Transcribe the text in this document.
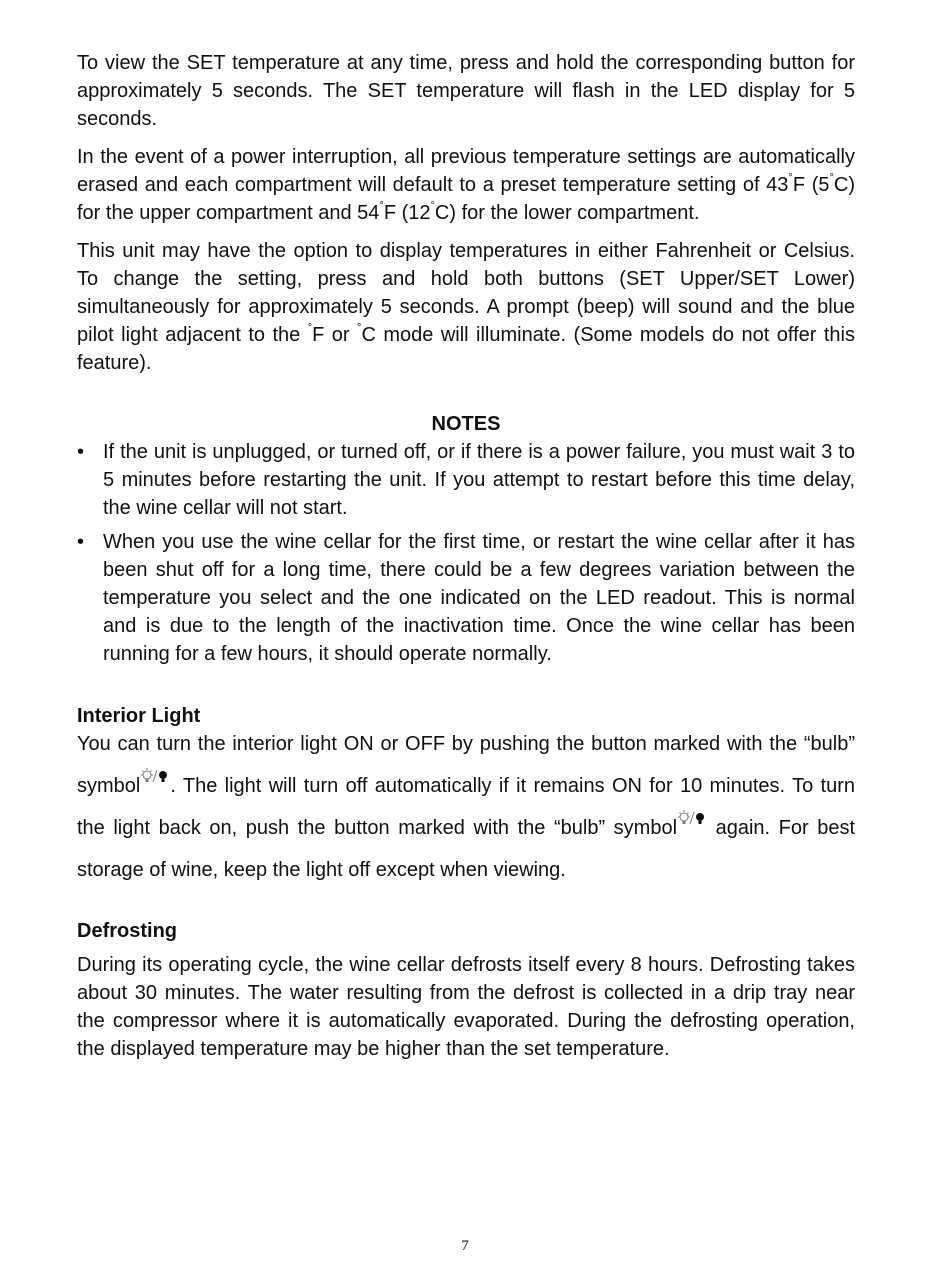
To view the SET temperature at any time, press and hold the corresponding button for approximately 5 seconds. The SET temperature will flash in the LED display for 5 seconds.

In the event of a power interruption, all previous temperature settings are automatically erased and each compartment will default to a preset temperature setting of 43°F (5°C) for the upper compartment and 54°F (12°C) for the lower compartment.

This unit may have the option to display temperatures in either Fahrenheit or Celsius. To change the setting, press and hold both buttons (SET Upper/SET Lower) simultaneously for approximately 5 seconds. A prompt (beep) will sound and the blue pilot light adjacent to the °F or °C mode will illuminate. (Some models do not offer this feature).

NOTES

• If the unit is unplugged, or turned off, or if there is a power failure, you must wait 3 to 5 minutes before restarting the unit. If you attempt to restart before this time delay, the wine cellar will not start.
• When you use the wine cellar for the first time, or restart the wine cellar after it has been shut off for a long time, there could be a few degrees variation between the temperature you select and the one indicated on the LED readout. This is normal and is due to the length of the inactivation time. Once the wine cellar has been running for a few hours, it should operate normally.

Interior Light

You can turn the interior light ON or OFF by pushing the button marked with the “bulb” symbol . The light will turn off automatically if it remains ON for 10 minutes. To turn the light back on, push the button marked with the “bulb” symbol again. For best storage of wine, keep the light off except when viewing.

Defrosting

During its operating cycle, the wine cellar defrosts itself every 8 hours. Defrosting takes about 30 minutes. The water resulting from the defrost is collected in a drip tray near the compressor where it is automatically evaporated. During the defrosting operation, the displayed temperature may be higher than the set temperature.

7
